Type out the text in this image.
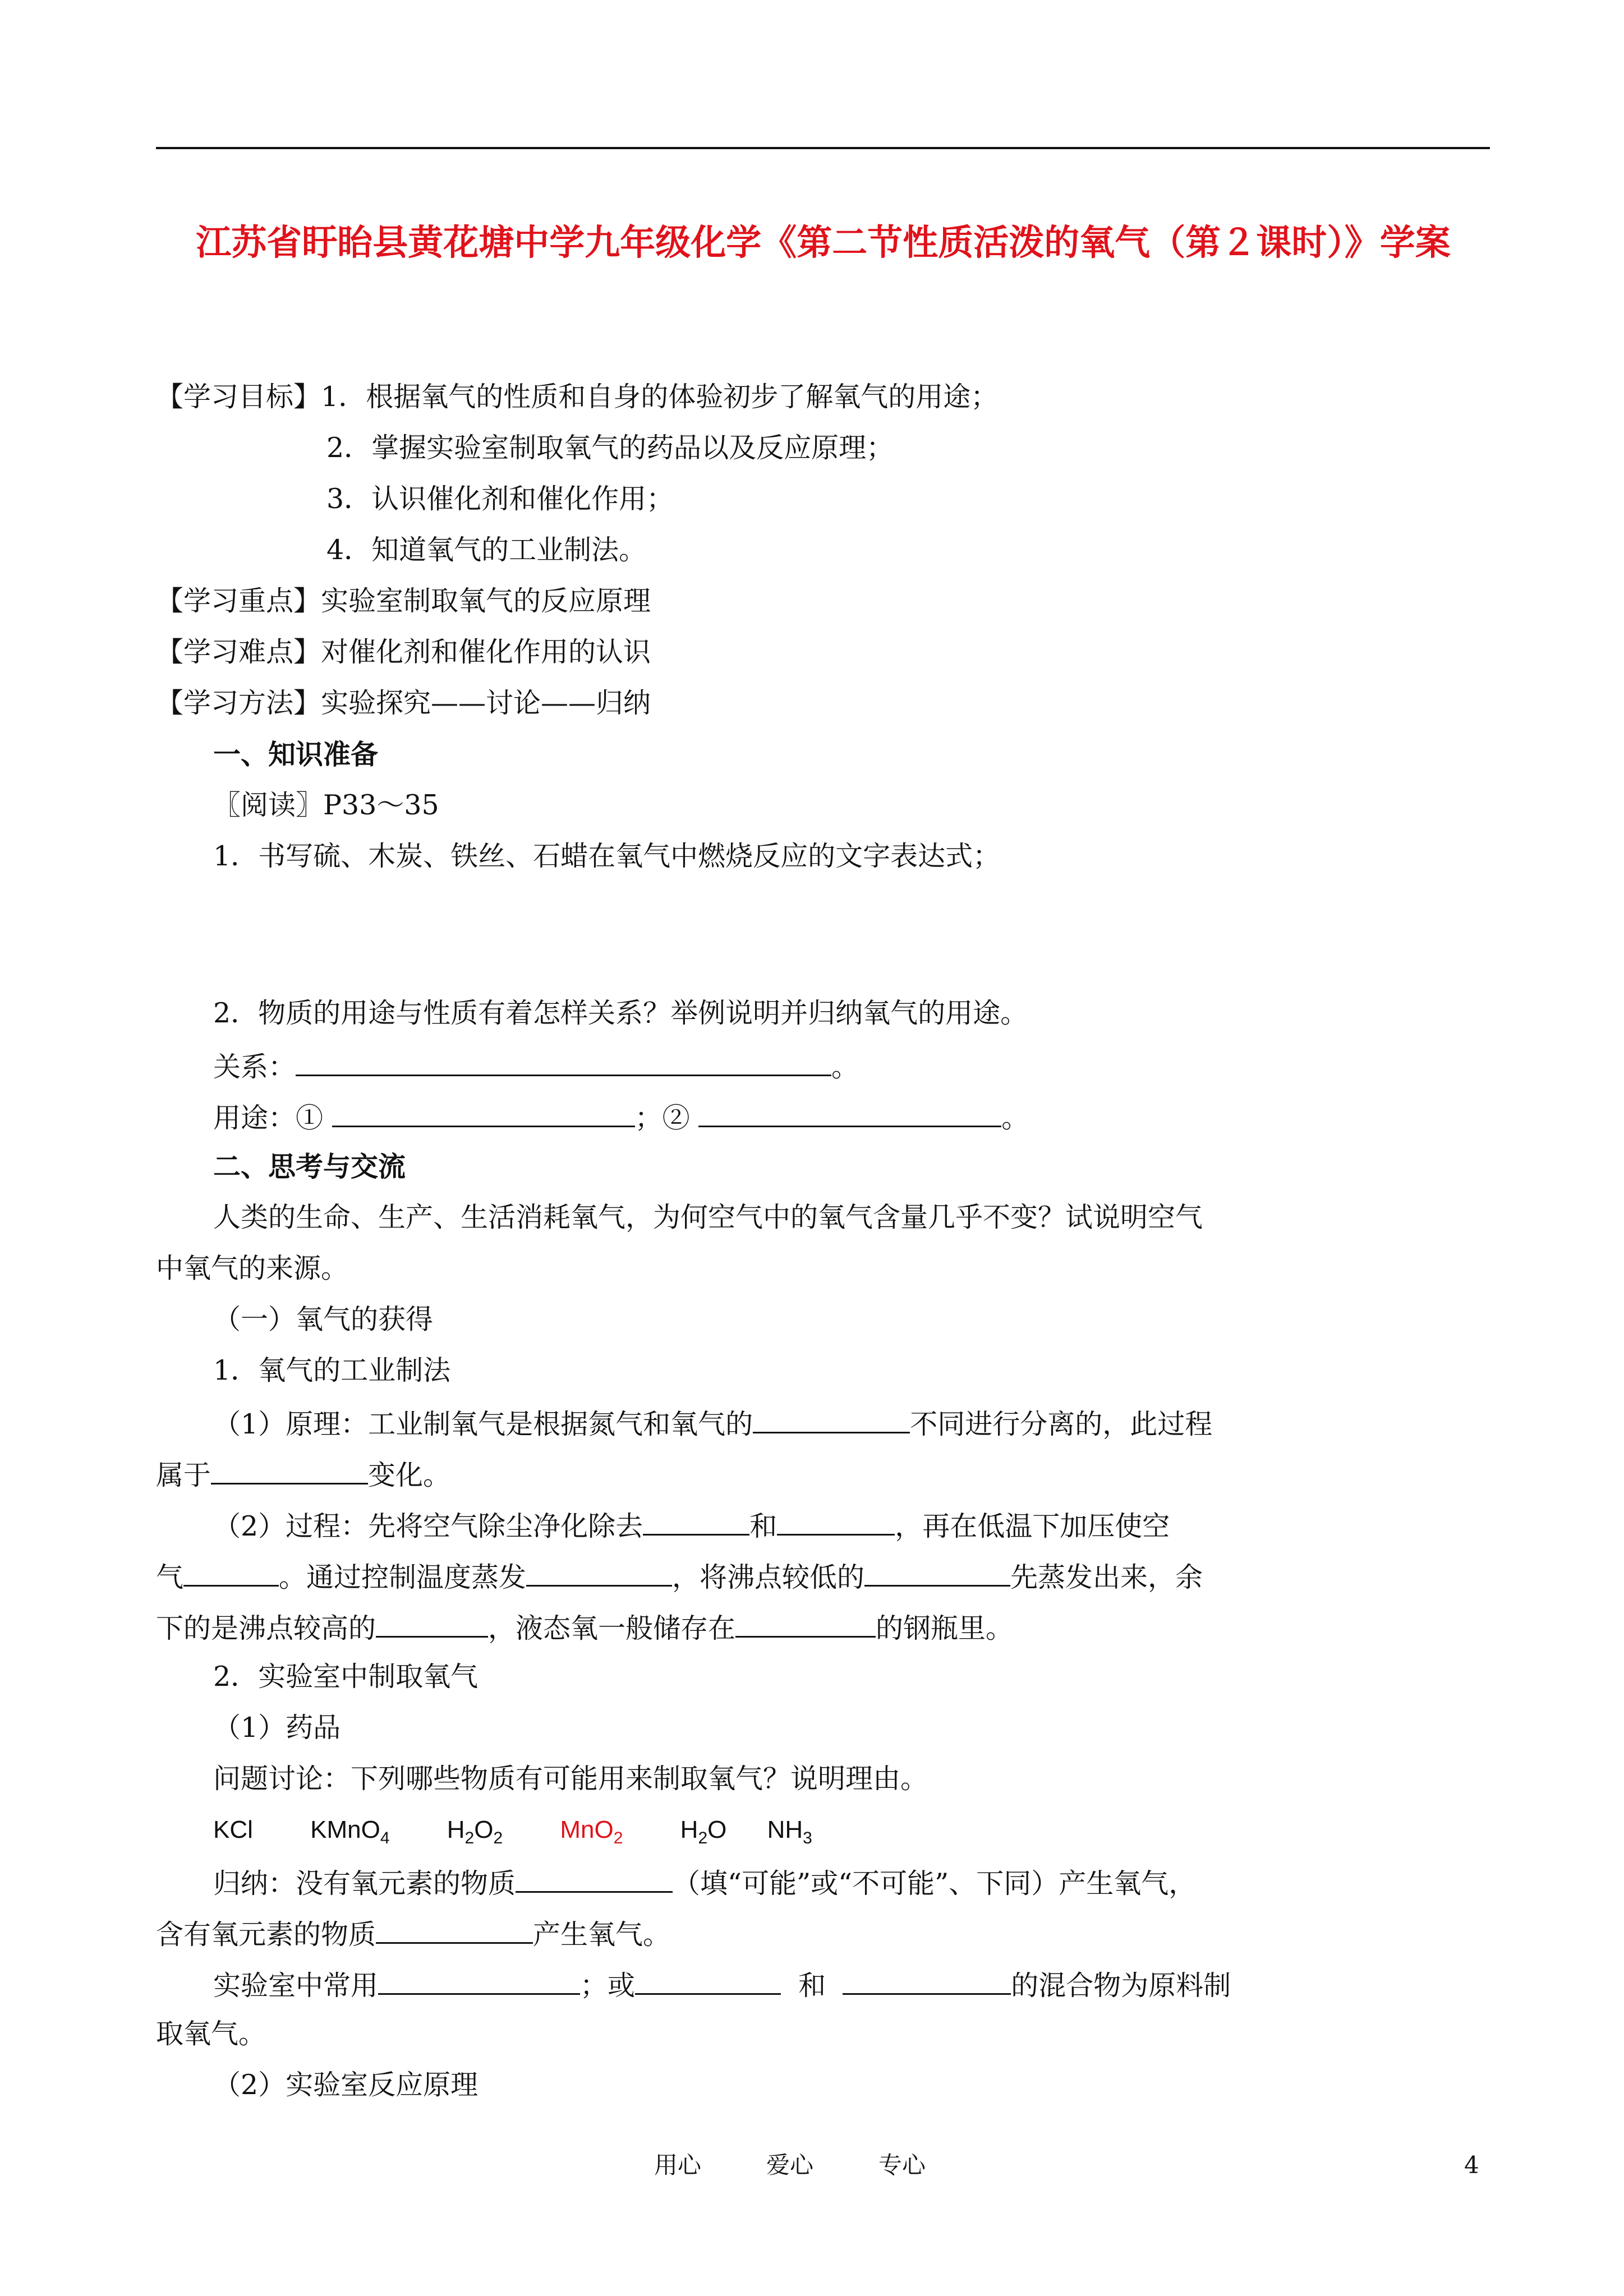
江苏省盱眙县黄花塘中学九年级化学《第二节性质活泼的氧气（第２课时）》学案
【学习目标】1．根据氧气的性质和自身的体验初步了解氧气的用途；
2．掌握实验室制取氧气的药品以及反应原理；
3．认识催化剂和催化作用；
4．知道氧气的工业制法。
【学习重点】实验室制取氧气的反应原理
【学习难点】对催化剂和催化作用的认识
【学习方法】实验探究——讨论——归纳
一、知识准备
〖阅读〗P33～35
1．书写硫、木炭、铁丝、石蜡在氧气中燃烧反应的文字表达式；
2．物质的用途与性质有着怎样关系？举例说明并归纳氧气的用途。
关系：	。
用途：①	；②	。
二、思考与交流
人类的生命、生产、生活消耗氧气，为何空气中的氧气含量几乎不变？试说明空气
中氧气的来源。
（一）氧气的获得
1．氧气的工业制法
（1）原理：工业制氧气是根据氮气和氧气的	不同进行分离的，此过程
属于	变化。
（2）过程：先将空气除尘净化除去	和	，再在低温下加压使空
气	。通过控制温度蒸发	，将沸点较低的	先蒸发出来，余
下的是沸点较高的	，液态氧一般储存在	的钢瓶里。
2．实验室中制取氧气
（1）药品
问题讨论：下列哪些物质有可能用来制取氧气？说明理由。
KCl KMnO$_4$ $H_2O_2$ MnO$_2$ $H_2O$ $NH_3$
归纳：没有氧元素的物质	（填“可能”或“不可能”、下同）产生氧气，
含有氧元素的物质	产生氧气。
实验室中常用	；或	和	的混合物为原料制
取氧气。
（2）实验室反应原理
用心	爱心	专心	4
